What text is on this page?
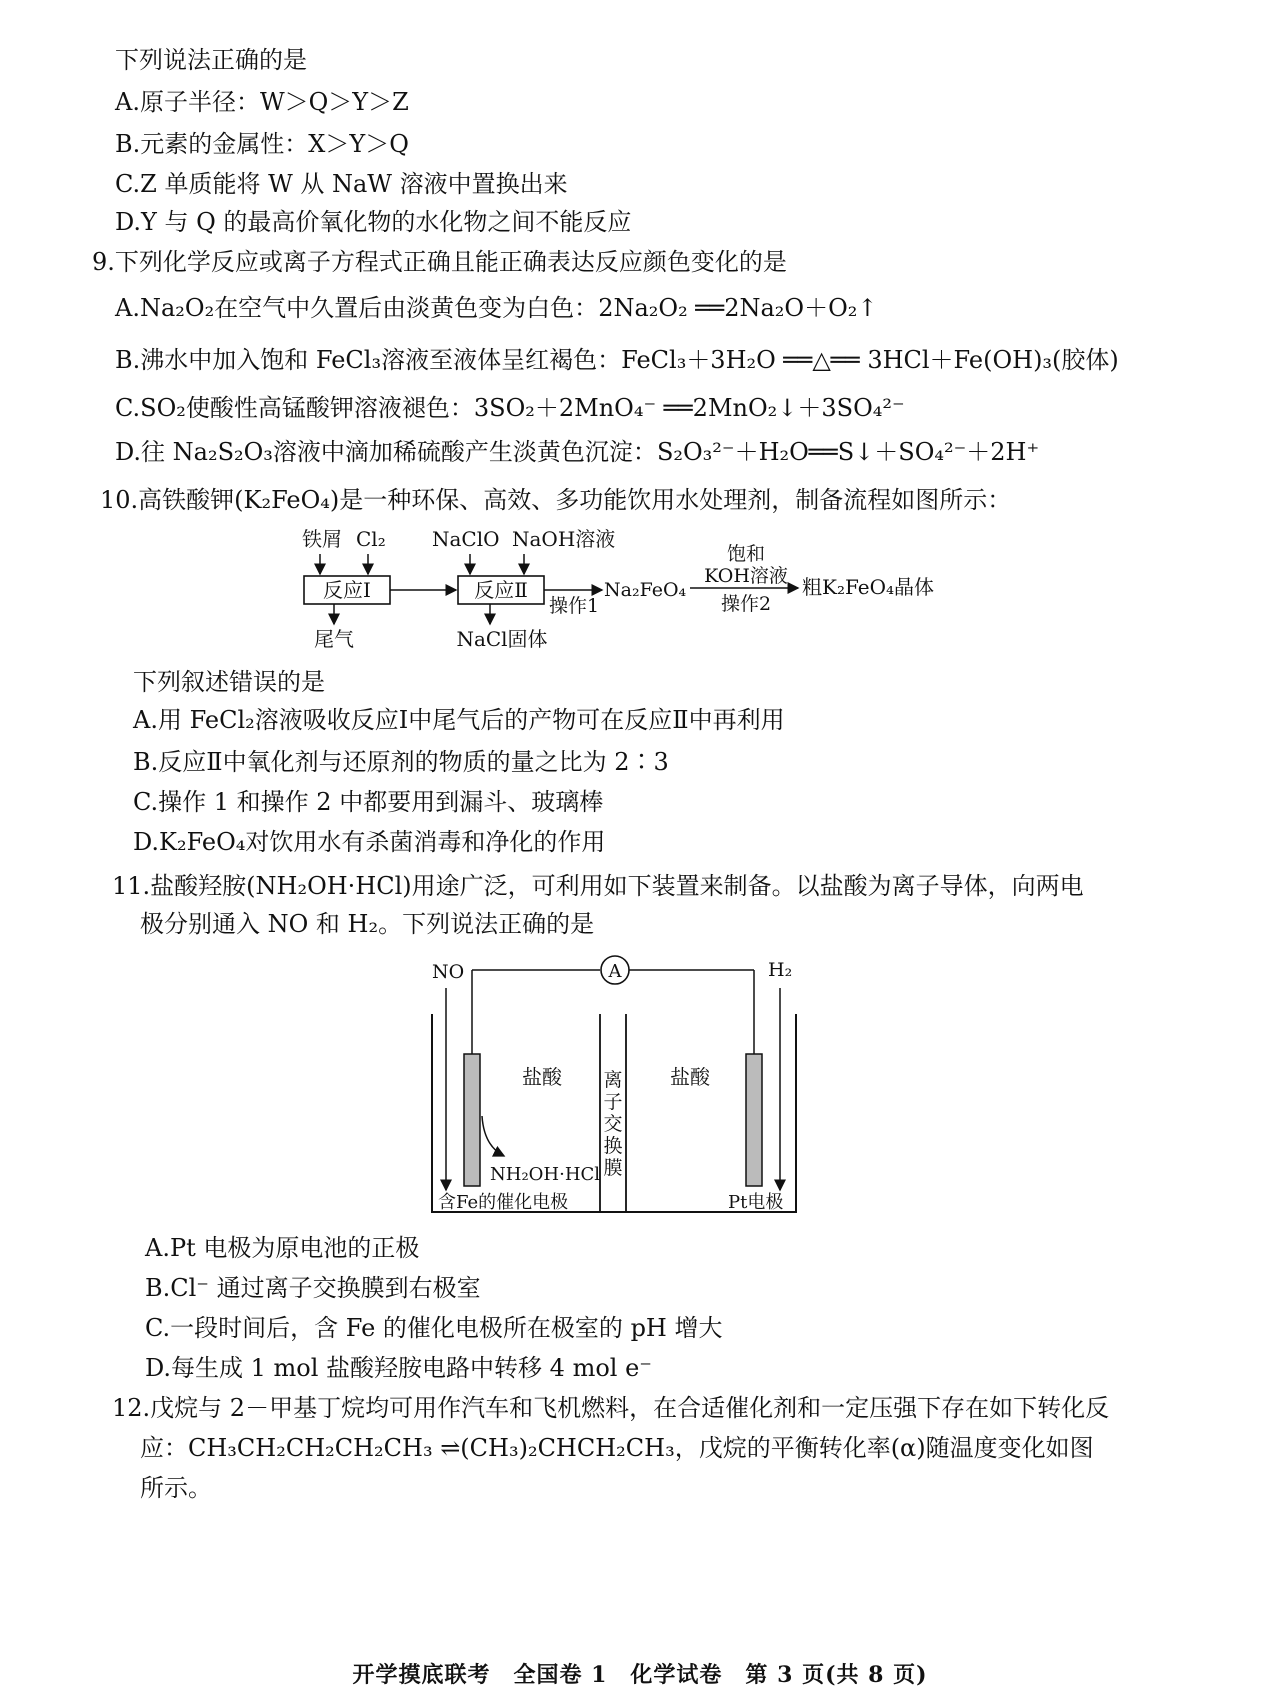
下列说法正确的是
A.原子半径：W＞Q＞Y＞Z
B.元素的金属性：X＞Y＞Q
C.Z 单质能将 W 从 NaW 溶液中置换出来
D.Y 与 Q 的最高价氧化物的水化物之间不能反应
9.下列化学反应或离子方程式正确且能正确表达反应颜色变化的是
A.Na₂O₂在空气中久置后由淡黄色变为白色：2Na₂O₂ ══2Na₂O＋O₂↑
B.沸水中加入饱和 FeCl₃溶液至液体呈红褐色：FeCl₃＋3H₂O ══△══ 3HCl＋Fe(OH)₃(胶体)
C.SO₂使酸性高锰酸钾溶液褪色：3SO₂＋2MnO₄⁻ ══2MnO₂↓＋3SO₄²⁻
D.往 Na₂S₂O₃溶液中滴加稀硫酸产生淡黄色沉淀：S₂O₃²⁻＋H₂O══S↓＋SO₄²⁻＋2H⁺
10.高铁酸钾(K₂FeO₄)是一种环保、高效、多功能饮用水处理剂，制备流程如图所示：
铁屑 Cl₂ NaClO NaOH溶液
反应Ⅰ	反应Ⅱ
尾气	NaCl固体
操作1
Na₂FeO₄
饱和
KOH溶液
操作2
粗K₂FeO₄晶体
下列叙述错误的是
A.用 FeCl₂溶液吸收反应Ⅰ中尾气后的产物可在反应Ⅱ中再利用
B.反应Ⅱ中氧化剂与还原剂的物质的量之比为 2∶3
C.操作 1 和操作 2 中都要用到漏斗、玻璃棒
D.K₂FeO₄对饮用水有杀菌消毒和净化的作用
11.盐酸羟胺(NH₂OH·HCl)用途广泛，可利用如下装置来制备。以盐酸为离子导体，向两电
极分别通入 NO 和 H₂。下列说法正确的是
A
NO	H₂
盐酸	盐酸
离
子
交
换
膜
NH₂OH·HCl
含Fe的催化电极	Pt电极
A.Pt 电极为原电池的正极
B.Cl⁻ 通过离子交换膜到右极室
C.一段时间后，含 Fe 的催化电极所在极室的 pH 增大
D.每生成 1 mol 盐酸羟胺电路中转移 4 mol e⁻
12.戊烷与 2－甲基丁烷均可用作汽车和飞机燃料，在合适催化剂和一定压强下存在如下转化反
应：CH₃CH₂CH₂CH₂CH₃ ⇌(CH₃)₂CHCH₂CH₃，戊烷的平衡转化率(α)随温度变化如图
所示。
开学摸底联考　全国卷 1　化学试卷　第 3 页(共 8 页)
